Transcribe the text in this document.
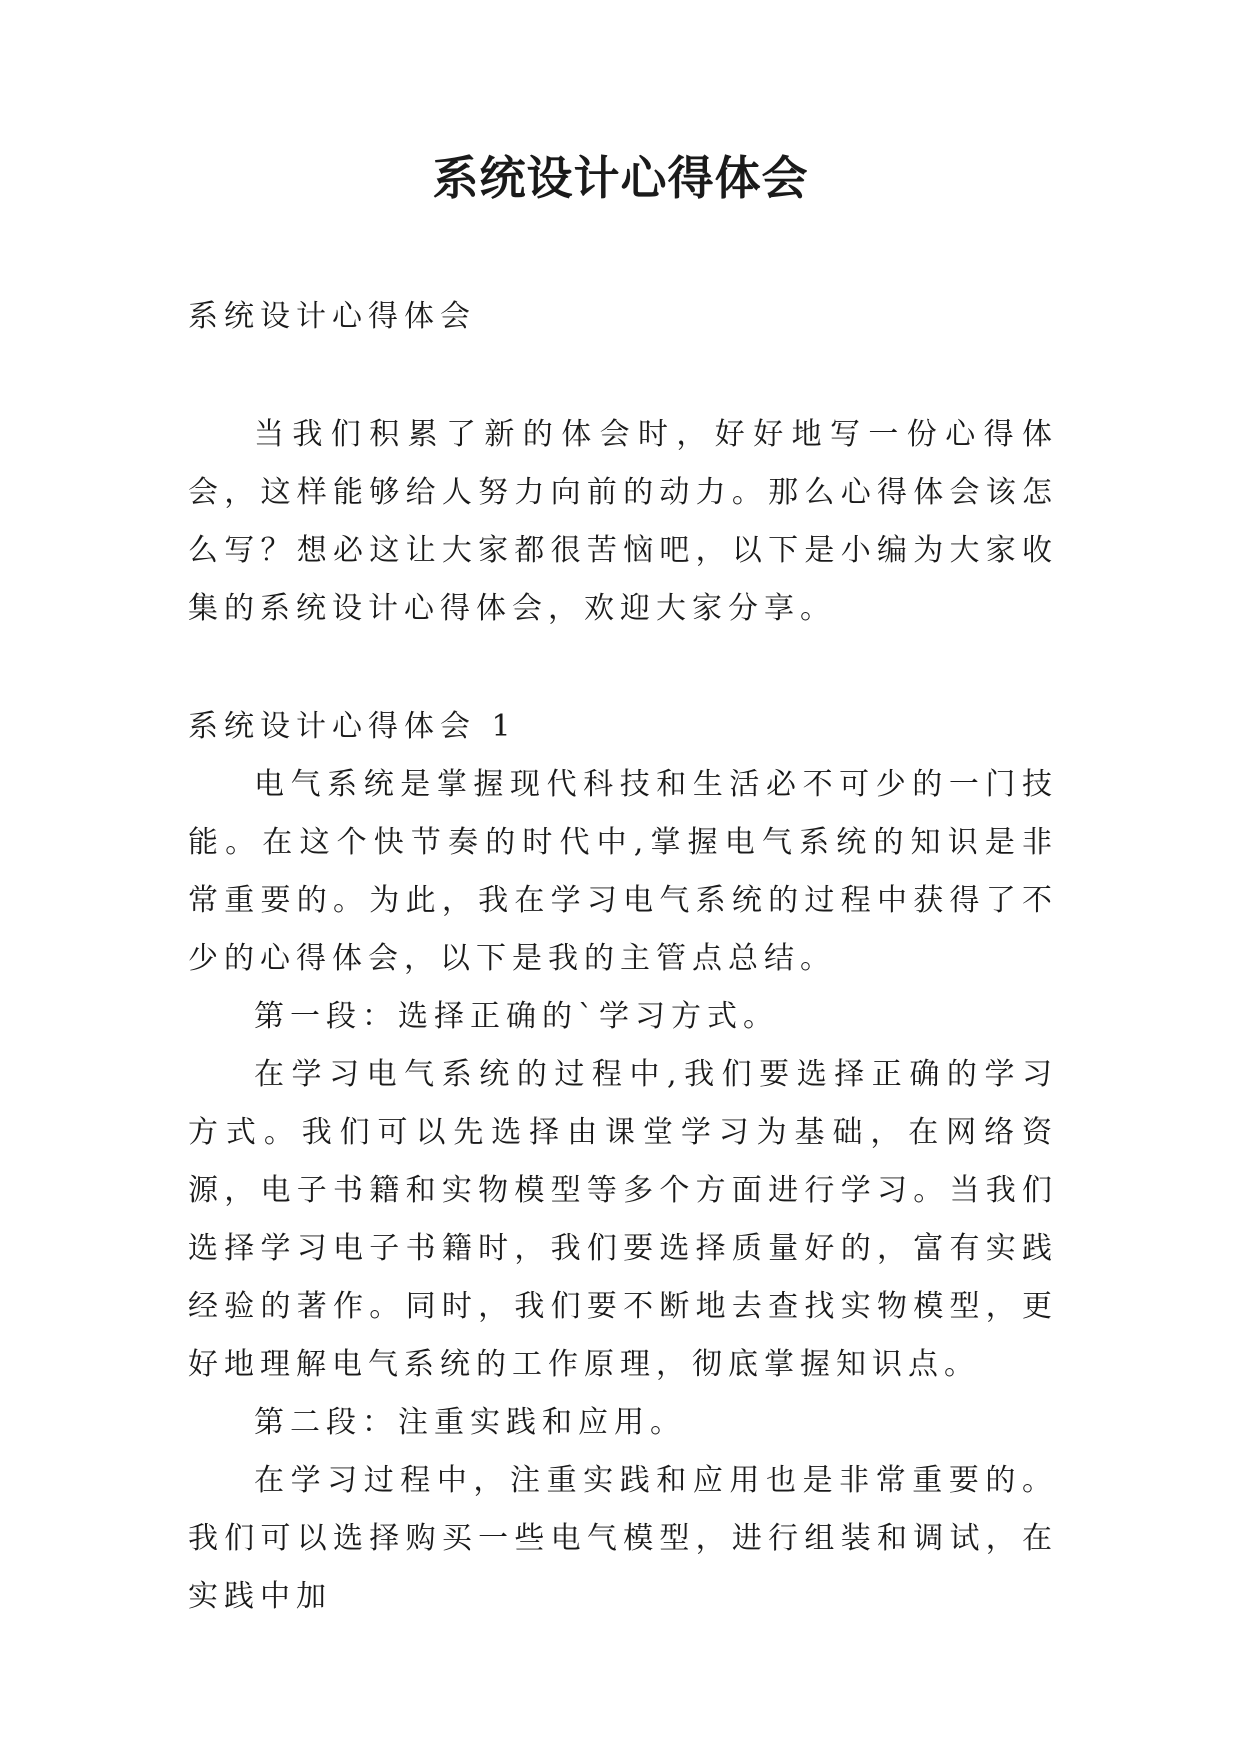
系统设计心得体会

系统设计心得体会

当我们积累了新的体会时，好好地写一份心得体会，这样能够给人努力向前的动力。那么心得体会该怎么写？想必这让大家都很苦恼吧，以下是小编为大家收集的系统设计心得体会，欢迎大家分享。

系统设计心得体会 1

电气系统是掌握现代科技和生活必不可少的一门技能。在这个快节奏的时代中,掌握电气系统的知识是非常重要的。为此，我在学习电气系统的过程中获得了不少的心得体会，以下是我的主管点总结。

第一段：选择正确的`学习方式。

在学习电气系统的过程中,我们要选择正确的学习方式。我们可以先选择由课堂学习为基础，在网络资源，电子书籍和实物模型等多个方面进行学习。当我们选择学习电子书籍时，我们要选择质量好的，富有实践经验的著作。同时，我们要不断地去查找实物模型，更好地理解电气系统的工作原理，彻底掌握知识点。

第二段：注重实践和应用。

在学习过程中，注重实践和应用也是非常重要的。我们可以选择购买一些电气模型，进行组装和调试，在实践中加
